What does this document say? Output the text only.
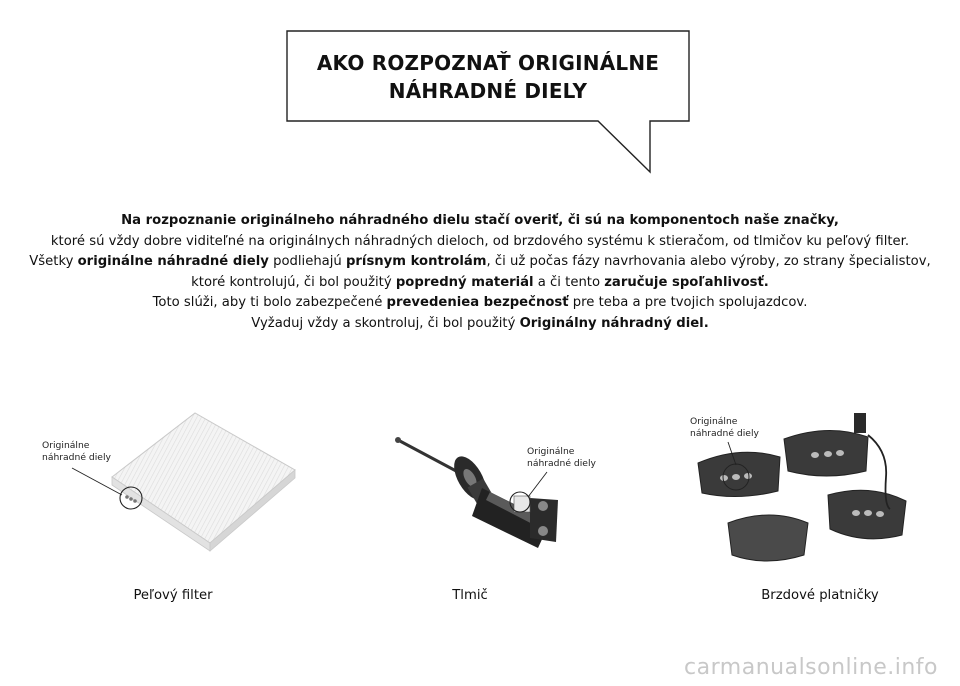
AKO ROZPOZNAŤ ORIGINÁLNE
NÁHRADNÉ DIELY

Na rozpoznanie originálneho náhradného dielu stačí overiť, či sú na komponentoch naše značky,

ktoré sú vždy dobre viditeľné na originálnych náhradných dieloch, od brzdového systému k stieračom, od tlmičov ku peľový filter.

Všetky originálne náhradné diely podliehajú prísnym kontrolám, či už počas fázy navrhovania alebo výroby, zo strany špecialistov,

ktoré kontrolujú, či bol použitý popredný materiál a či tento zaručuje spoľahlivosť.

Toto slúži, aby ti bolo zabezpečené prevedeniea bezpečnosť pre teba a pre tvojich spolujazdcov.

Vyžaduj vždy a skontroluj, či bol použitý Originálny náhradný diel.

Originálne
náhradné diely
Peľový filter
Originálne
náhradné diely
Tlmič
Originálne
náhradné diely
Brzdové platničky
carmanualsonline.info
